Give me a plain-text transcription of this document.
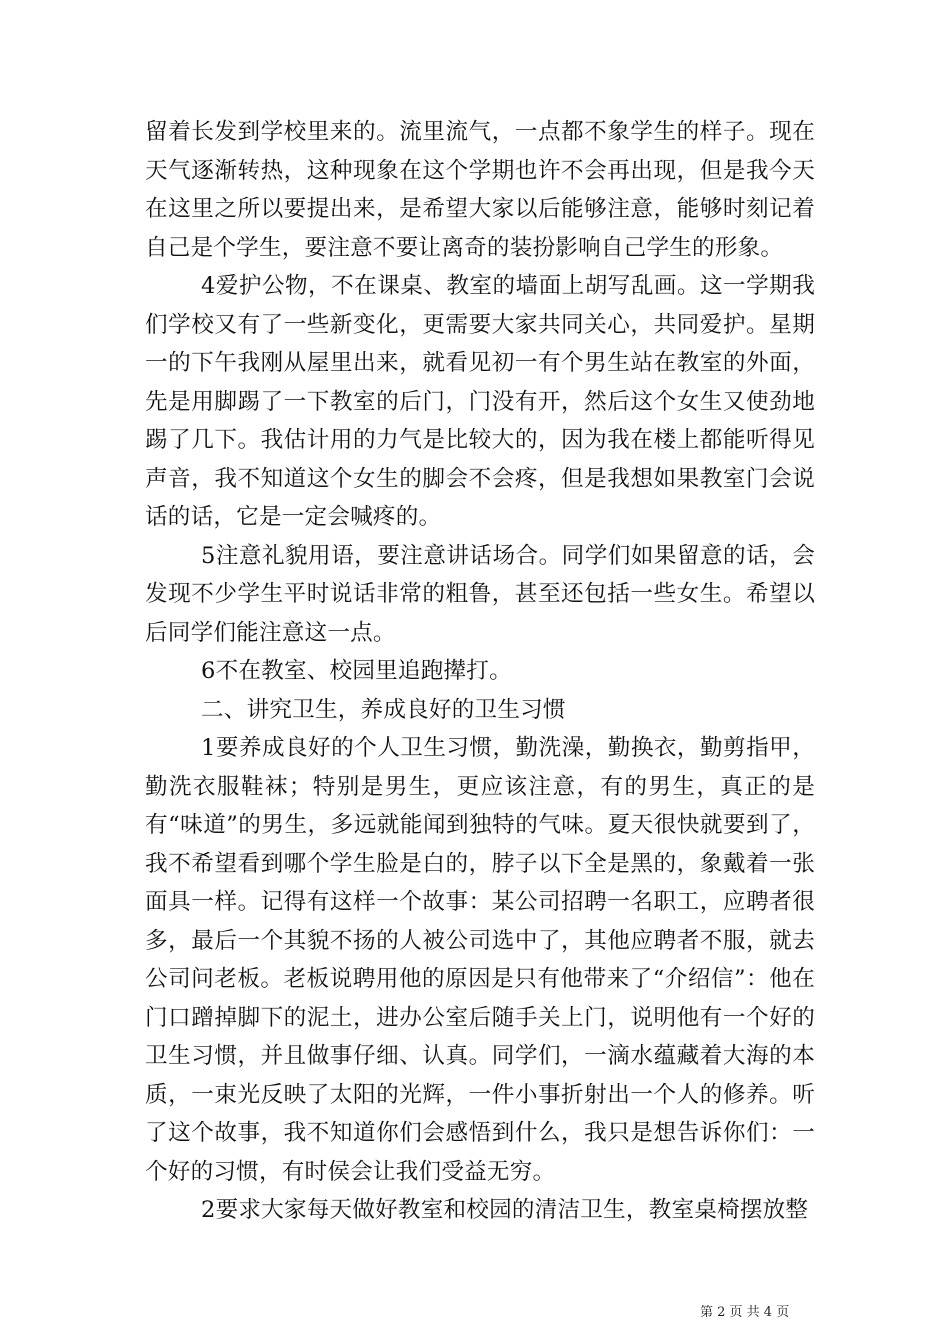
留着长发到学校里来的。流里流气，一点都不象学生的样子。现在天气逐渐转热，这种现象在这个学期也许不会再出现，但是我今天在这里之所以要提出来，是希望大家以后能够注意，能够时刻记着自己是个学生，要注意不要让离奇的装扮影响自己学生的形象。

4爱护公物，不在课桌、教室的墙面上胡写乱画。这一学期我们学校又有了一些新变化，更需要大家共同关心，共同爱护。星期一的下午我刚从屋里出来，就看见初一有个男生站在教室的外面，先是用脚踢了一下教室的后门，门没有开，然后这个女生又使劲地踢了几下。我估计用的力气是比较大的，因为我在楼上都能听得见声音，我不知道这个女生的脚会不会疼，但是我想如果教室门会说话的话，它是一定会喊疼的。

5注意礼貌用语，要注意讲话场合。同学们如果留意的话，会发现不少学生平时说话非常的粗鲁，甚至还包括一些女生。希望以后同学们能注意这一点。

6不在教室、校园里追跑撵打。

二、讲究卫生，养成良好的卫生习惯

1要养成良好的个人卫生习惯，勤洗澡，勤换衣，勤剪指甲，勤洗衣服鞋袜；特别是男生，更应该注意，有的男生，真正的是有“味道”的男生，多远就能闻到独特的气味。夏天很快就要到了，我不希望看到哪个学生脸是白的，脖子以下全是黑的，象戴着一张面具一样。记得有这样一个故事：某公司招聘一名职工，应聘者很多，最后一个其貌不扬的人被公司选中了，其他应聘者不服，就去公司问老板。老板说聘用他的原因是只有他带来了“介绍信”：他在门口蹭掉脚下的泥土，进办公室后随手关上门，说明他有一个好的卫生习惯，并且做事仔细、认真。同学们，一滴水蕴藏着大海的本质，一束光反映了太阳的光辉，一件小事折射出一个人的修养。听了这个故事，我不知道你们会感悟到什么，我只是想告诉你们：一个好的习惯，有时侯会让我们受益无穷。

2要求大家每天做好教室和校园的清洁卫生，教室桌椅摆放整

第 2 页 共 4 页
